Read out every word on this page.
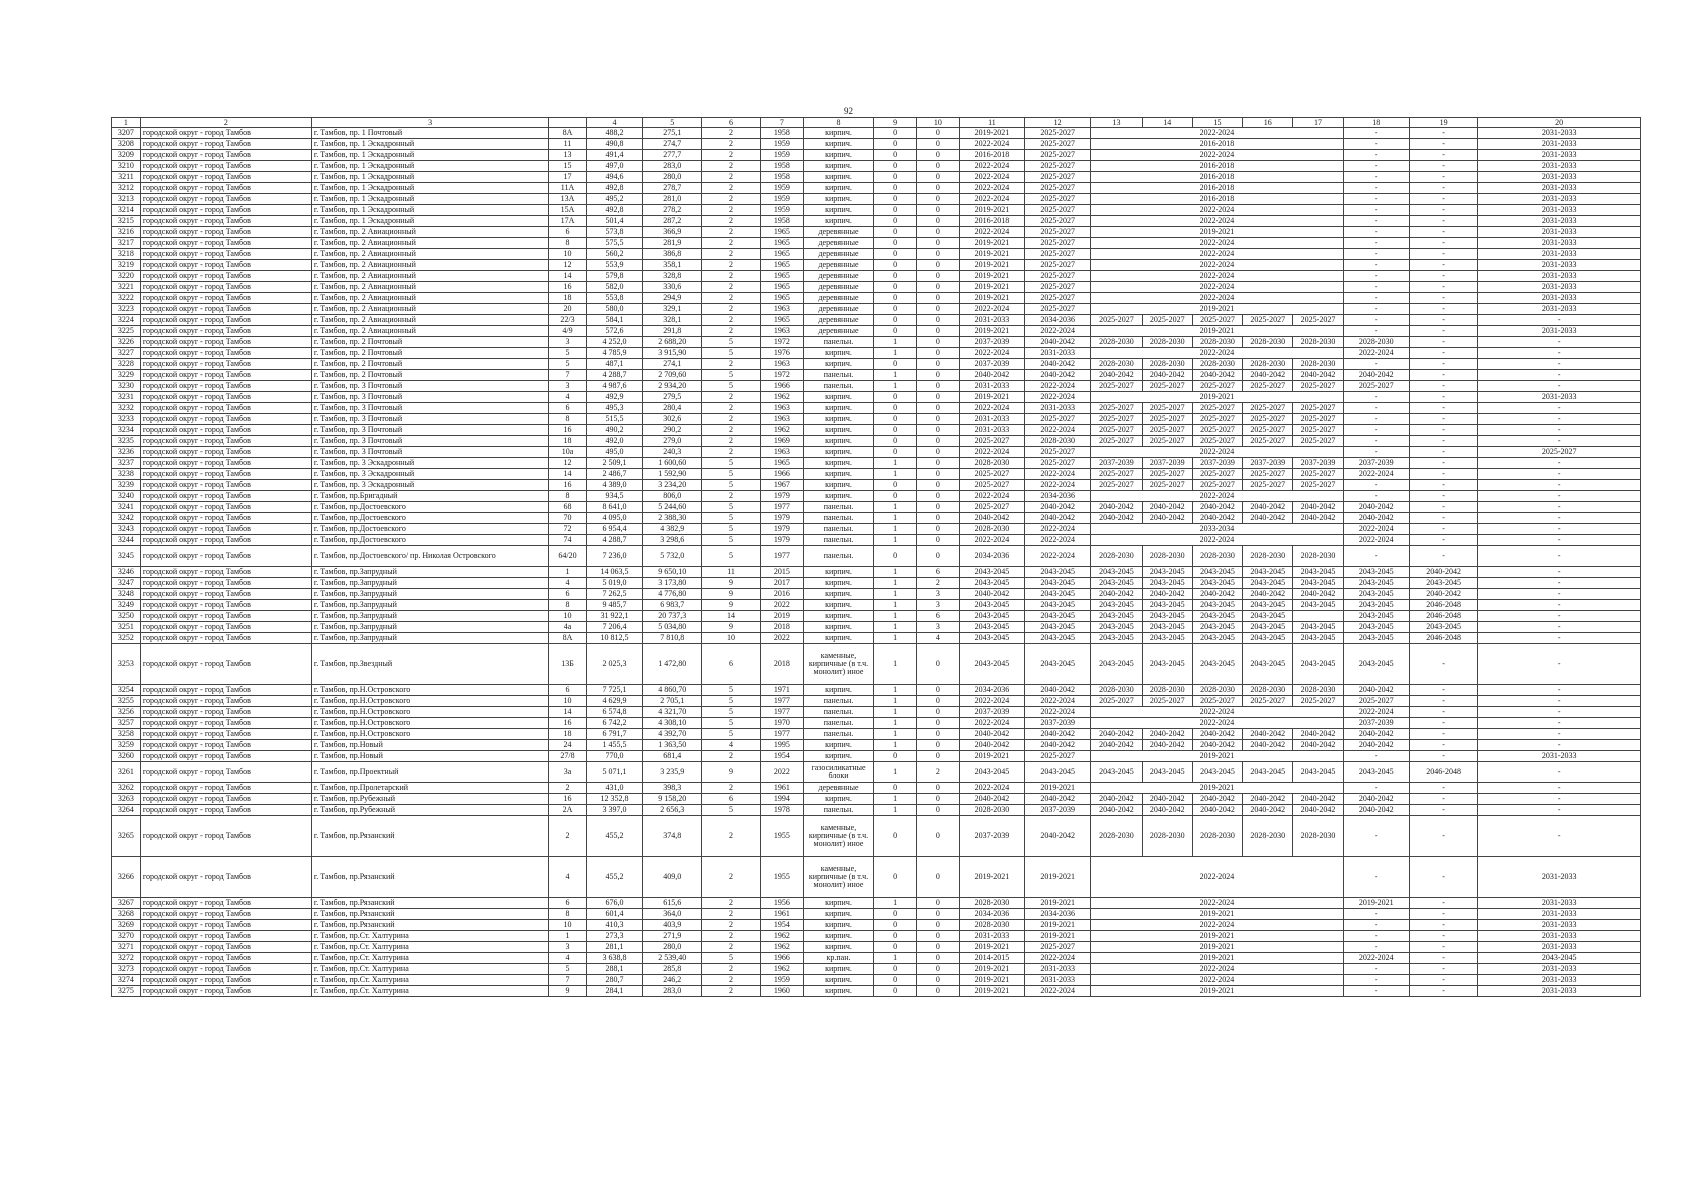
92
1	2	3		4	5	6	7	8	9	10	11	12	13	14	15	16	17	18	19	20
3207	городской округ - город Тамбов	г. Тамбов, пр. 1 Почтовый	8А	488,2	275,1	2	1958	кирпич.	0	0	2019-2021	2025-2027	2022-2024					-	-	2031-2033
3208	городской округ - город Тамбов	г. Тамбов, пр. 1 Эскадронный	11	490,8	274,7	2	1959	кирпич.	0	0	2022-2024	2025-2027	2016-2018					-	-	2031-2033
3209	городской округ - город Тамбов	г. Тамбов, пр. 1 Эскадронный	13	491,4	277,7	2	1959	кирпич.	0	0	2016-2018	2025-2027	2022-2024					-	-	2031-2033
3210	городской округ - город Тамбов	г. Тамбов, пр. 1 Эскадронный	15	497,0	283,0	2	1958	кирпич.	0	0	2022-2024	2025-2027	2016-2018					-	-	2031-2033
3211	городской округ - город Тамбов	г. Тамбов, пр. 1 Эскадронный	17	494,6	280,0	2	1958	кирпич.	0	0	2022-2024	2025-2027	2016-2018					-	-	2031-2033
3212	городской округ - город Тамбов	г. Тамбов, пр. 1 Эскадронный	11А	492,8	278,7	2	1959	кирпич.	0	0	2022-2024	2025-2027	2016-2018					-	-	2031-2033
3213	городской округ - город Тамбов	г. Тамбов, пр. 1 Эскадронный	13А	495,2	281,0	2	1959	кирпич.	0	0	2022-2024	2025-2027	2016-2018					-	-	2031-2033
3214	городской округ - город Тамбов	г. Тамбов, пр. 1 Эскадронный	15А	492,8	278,2	2	1959	кирпич.	0	0	2019-2021	2025-2027	2022-2024					-	-	2031-2033
3215	городской округ - город Тамбов	г. Тамбов, пр. 1 Эскадронный	17А	501,4	287,2	2	1958	кирпич.	0	0	2016-2018	2025-2027	2022-2024					-	-	2031-2033
3216	городской округ - город Тамбов	г. Тамбов, пр. 2 Авиационный	6	573,8	366,9	2	1965	деревянные	0	0	2022-2024	2025-2027	2019-2021					-	-	2031-2033
3217	городской округ - город Тамбов	г. Тамбов, пр. 2 Авиационный	8	575,5	281,9	2	1965	деревянные	0	0	2019-2021	2025-2027	2022-2024					-	-	2031-2033
3218	городской округ - город Тамбов	г. Тамбов, пр. 2 Авиационный	10	560,2	386,8	2	1965	деревянные	0	0	2019-2021	2025-2027	2022-2024					-	-	2031-2033
3219	городской округ - город Тамбов	г. Тамбов, пр. 2 Авиационный	12	553,9	358,1	2	1965	деревянные	0	0	2019-2021	2025-2027	2022-2024					-	-	2031-2033
3220	городской округ - город Тамбов	г. Тамбов, пр. 2 Авиационный	14	579,8	328,8	2	1965	деревянные	0	0	2019-2021	2025-2027	2022-2024					-	-	2031-2033
3221	городской округ - город Тамбов	г. Тамбов, пр. 2 Авиационный	16	582,0	330,6	2	1965	деревянные	0	0	2019-2021	2025-2027	2022-2024					-	-	2031-2033
3222	городской округ - город Тамбов	г. Тамбов, пр. 2 Авиационный	18	553,8	294,9	2	1965	деревянные	0	0	2019-2021	2025-2027	2022-2024					-	-	2031-2033
3223	городской округ - город Тамбов	г. Тамбов, пр. 2 Авиационный	20	580,0	329,1	2	1963	деревянные	0	0	2022-2024	2025-2027	2019-2021					-	-	2031-2033
3224	городской округ - город Тамбов	г. Тамбов, пр. 2 Авиационный	22/3	584,1	328,1	2	1965	деревянные	0	0	2031-2033	2034-2036	2025-2027	2025-2027	2025-2027	2025-2027	2025-2027	-	-	-
3225	городской округ - город Тамбов	г. Тамбов, пр. 2 Авиационный	4/9	572,6	291,8	2	1963	деревянные	0	0	2019-2021	2022-2024	2019-2021					-	-	2031-2033
3226	городской округ - город Тамбов	г. Тамбов, пр. 2 Почтовый	3	4 252,0	2 688,20	5	1972	панельн.	1	0	2037-2039	2040-2042	2028-2030	2028-2030	2028-2030	2028-2030	2028-2030	2028-2030	-	-
3227	городской округ - город Тамбов	г. Тамбов, пр. 2 Почтовый	5	4 785,9	3 915,90	5	1976	кирпич.	1	0	2022-2024	2031-2033	2022-2024					2022-2024	-	-
3228	городской округ - город Тамбов	г. Тамбов, пр. 2 Почтовый	5	487,1	274,1	2	1963	кирпич.	0	0	2037-2039	2040-2042	2028-2030	2028-2030	2028-2030	2028-2030	2028-2030	-	-	-
3229	городской округ - город Тамбов	г. Тамбов, пр. 2 Почтовый	7	4 288,7	2 709,60	5	1972	панельн.	1	0	2040-2042	2040-2042	2040-2042	2040-2042	2040-2042	2040-2042	2040-2042	2040-2042	-	-
3230	городской округ - город Тамбов	г. Тамбов, пр. 3 Почтовый	3	4 987,6	2 934,20	5	1966	панельн.	1	0	2031-2033	2022-2024	2025-2027	2025-2027	2025-2027	2025-2027	2025-2027	2025-2027	-	-
3231	городской округ - город Тамбов	г. Тамбов, пр. 3 Почтовый	4	492,9	279,5	2	1962	кирпич.	0	0	2019-2021	2022-2024	2019-2021					-	-	2031-2033
3232	городской округ - город Тамбов	г. Тамбов, пр. 3 Почтовый	6	495,3	280,4	2	1963	кирпич.	0	0	2022-2024	2031-2033	2025-2027	2025-2027	2025-2027	2025-2027	2025-2027	-	-	-
3233	городской округ - город Тамбов	г. Тамбов, пр. 3 Почтовый	8	515,5	302,6	2	1963	кирпич.	0	0	2031-2033	2025-2027	2025-2027	2025-2027	2025-2027	2025-2027	2025-2027	-	-	-
3234	городской округ - город Тамбов	г. Тамбов, пр. 3 Почтовый	16	490,2	290,2	2	1962	кирпич.	0	0	2031-2033	2022-2024	2025-2027	2025-2027	2025-2027	2025-2027	2025-2027	-	-	-
3235	городской округ - город Тамбов	г. Тамбов, пр. 3 Почтовый	18	492,0	279,0	2	1969	кирпич.	0	0	2025-2027	2028-2030	2025-2027	2025-2027	2025-2027	2025-2027	2025-2027	-	-	-
3236	городской округ - город Тамбов	г. Тамбов, пр. 3 Почтовый	10а	495,0	240,3	2	1963	кирпич.	0	0	2022-2024	2025-2027	2022-2024					-	-	2025-2027
3237	городской округ - город Тамбов	г. Тамбов, пр. 3 Эскадронный	12	2 509,1	1 600,60	5	1965	кирпич.	1	0	2028-2030	2025-2027	2037-2039	2037-2039	2037-2039	2037-2039	2037-2039	2037-2039	-	-
3238	городской округ - город Тамбов	г. Тамбов, пр. 3 Эскадронный	14	2 486,7	1 592,90	5	1966	кирпич.	1	0	2025-2027	2022-2024	2025-2027	2025-2027	2025-2027	2025-2027	2025-2027	2022-2024	-	-
3239	городской округ - город Тамбов	г. Тамбов, пр. 3 Эскадронный	16	4 389,0	3 234,20	5	1967	кирпич.	0	0	2025-2027	2022-2024	2025-2027	2025-2027	2025-2027	2025-2027	2025-2027	-	-	-
3240	городской округ - город Тамбов	г. Тамбов, пр.Бригадный	8	934,5	806,0	2	1979	кирпич.	0	0	2022-2024	2034-2036	2022-2024					-	-	-
3241	городской округ - город Тамбов	г. Тамбов, пр.Достоевского	68	8 641,0	5 244,60	5	1977	панельн.	1	0	2025-2027	2040-2042	2040-2042	2040-2042	2040-2042	2040-2042	2040-2042	2040-2042	-	-
3242	городской округ - город Тамбов	г. Тамбов, пр.Достоевского	70	4 095,0	2 388,30	5	1979	панельн.	1	0	2040-2042	2040-2042	2040-2042	2040-2042	2040-2042	2040-2042	2040-2042	2040-2042	-	-
3243	городской округ - город Тамбов	г. Тамбов, пр.Достоевского	72	6 954,4	4 382,9	5	1979	панельн.	1	0	2028-2030	2022-2024	2033-2034					2022-2024	-	-
3244	городской округ - город Тамбов	г. Тамбов, пр.Достоевского	74	4 288,7	3 298,6	5	1979	панельн.	1	0	2022-2024	2022-2024	2022-2024					2022-2024	-	-
3245	городской округ - город Тамбов	г. Тамбов, пр.Достоевского/ пр. Николая Островского	64/20	7 236,0	5 732,0	5	1977	панельн.	0	0	2034-2036	2022-2024	2028-2030	2028-2030	2028-2030	2028-2030	2028-2030	-	-	-
3246	городской округ - город Тамбов	г. Тамбов, пр.Запрудный	1	14 063,5	9 650,10	11	2015	кирпич.	1	6	2043-2045	2043-2045	2043-2045	2043-2045	2043-2045	2043-2045	2043-2045	2043-2045	2040-2042	-
3247	городской округ - город Тамбов	г. Тамбов, пр.Запрудный	4	5 019,0	3 173,80	9	2017	кирпич.	1	2	2043-2045	2043-2045	2043-2045	2043-2045	2043-2045	2043-2045	2043-2045	2043-2045	2043-2045	-
3248	городской округ - город Тамбов	г. Тамбов, пр.Запрудный	6	7 262,5	4 776,80	9	2016	кирпич.	1	3	2040-2042	2043-2045	2040-2042	2040-2042	2040-2042	2040-2042	2040-2042	2043-2045	2040-2042	-
3249	городской округ - город Тамбов	г. Тамбов, пр.Запрудный	8	9 485,7	6 983,7	9	2022	кирпич.	1	3	2043-2045	2043-2045	2043-2045	2043-2045	2043-2045	2043-2045	2043-2045	2043-2045	2046-2048	-
3250	городской округ - город Тамбов	г. Тамбов, пр.Запрудный	10	31 922,1	20 737,3	14	2019	кирпич.	1	6	2043-2045	2043-2045	2043-2045	2043-2045	2043-2045	2043-2045		2043-2045	2046-2048	-
3251	городской округ - город Тамбов	г. Тамбов, пр.Запрудный	4а	7 206,4	5 034,80	9	2018	кирпич.	1	3	2043-2045	2043-2045	2043-2045	2043-2045	2043-2045	2043-2045	2043-2045	2043-2045	2043-2045	-
3252	городской округ - город Тамбов	г. Тамбов, пр.Запрудный	8А	10 812,5	7 810,8	10	2022	кирпич.	1	4	2043-2045	2043-2045	2043-2045	2043-2045	2043-2045	2043-2045	2043-2045	2043-2045	2046-2048	-
3253	городской округ - город Тамбов	г. Тамбов, пр.Звездный	13Б	2 025,3	1 472,80	6	2018	каменные, кирпичные (в т.ч. монолит) иное	1	0	2043-2045	2043-2045	2043-2045	2043-2045	2043-2045	2043-2045	2043-2045	2043-2045	-	-
3254	городской округ - город Тамбов	г. Тамбов, пр.Н.Островского	6	7 725,1	4 860,70	5	1971	кирпич.	1	0	2034-2036	2040-2042	2028-2030	2028-2030	2028-2030	2028-2030	2028-2030	2040-2042	-	-
3255	городской округ - город Тамбов	г. Тамбов, пр.Н.Островского	10	4 629,9	2 705,1	5	1977	панельн.	1	0	2022-2024	2022-2024	2025-2027	2025-2027	2025-2027	2025-2027	2025-2027	2025-2027	-	-
3256	городской округ - город Тамбов	г. Тамбов, пр.Н.Островского	14	6 574,8	4 321,70	5	1977	панельн.	1	0	2037-2039	2022-2024	2022-2024					2022-2024	-	-
3257	городской округ - город Тамбов	г. Тамбов, пр.Н.Островского	16	6 742,2	4 308,10	5	1970	панельн.	1	0	2022-2024	2037-2039	2022-2024					2037-2039	-	-
3258	городской округ - город Тамбов	г. Тамбов, пр.Н.Островского	18	6 791,7	4 392,70	5	1977	панельн.	1	0	2040-2042	2040-2042	2040-2042	2040-2042	2040-2042	2040-2042	2040-2042	2040-2042	-	-
3259	городской округ - город Тамбов	г. Тамбов, пр.Новый	24	1 455,5	1 363,50	4	1995	кирпич.	1	0	2040-2042	2040-2042	2040-2042	2040-2042	2040-2042	2040-2042	2040-2042	2040-2042	-	-
3260	городской округ - город Тамбов	г. Тамбов, пр.Новый	27/8	770,0	681,4	2	1954	кирпич.	0	0	2019-2021	2025-2027	2019-2021					-	-	2031-2033
3261	городской округ - город Тамбов	г. Тамбов, пр.Проектный	3а	5 071,1	3 235,9	9	2022	газосиликатные блоки	1	2	2043-2045	2043-2045	2043-2045	2043-2045	2043-2045	2043-2045	2043-2045	2043-2045	2046-2048	-
3262	городской округ - город Тамбов	г. Тамбов, пр.Пролетарский	2	431,0	398,3	2	1961	деревянные	0	0	2022-2024	2019-2021	2019-2021					-	-	-
3263	городской округ - город Тамбов	г. Тамбов, пр.Рубежный	16	12 352,8	9 158,20	6	1994	кирпич.	1	0	2040-2042	2040-2042	2040-2042	2040-2042	2040-2042	2040-2042	2040-2042	2040-2042	-	-
3264	городской округ - город Тамбов	г. Тамбов, пр.Рубежный	2А	3 397,0	2 656,3	5	1978	панельн.	1	0	2028-2030	2037-2039	2040-2042	2040-2042	2040-2042	2040-2042	2040-2042	2040-2042	-	-
3265	городской округ - город Тамбов	г. Тамбов, пр.Рязанский	2	455,2	374,8	2	1955	каменные, кирпичные (в т.ч. монолит) иное	0	0	2037-2039	2040-2042	2028-2030	2028-2030	2028-2030	2028-2030	2028-2030	-	-	-
3266	городской округ - город Тамбов	г. Тамбов, пр.Рязанский	4	455,2	409,0	2	1955	каменные, кирпичные (в т.ч. монолит) иное	0	0	2019-2021	2019-2021	2022-2024					-	-	2031-2033
3267	городской округ - город Тамбов	г. Тамбов, пр.Рязанский	6	676,0	615,6	2	1956	кирпич.	1	0	2028-2030	2019-2021	2022-2024					2019-2021	-	2031-2033
3268	городской округ - город Тамбов	г. Тамбов, пр.Рязанский	8	601,4	364,0	2	1961	кирпич.	0	0	2034-2036	2034-2036	2019-2021					-	-	2031-2033
3269	городской округ - город Тамбов	г. Тамбов, пр.Рязанский	10	410,3	403,9	2	1954	кирпич.	0	0	2028-2030	2019-2021	2022-2024					-	-	2031-2033
3270	городской округ - город Тамбов	г. Тамбов, пр.Ст. Халтурина	1	273,3	271,9	2	1962	кирпич.	0	0	2031-2033	2019-2021	2019-2021					-	-	2031-2033
3271	городской округ - город Тамбов	г. Тамбов, пр.Ст. Халтурина	3	281,1	280,0	2	1962	кирпич.	0	0	2019-2021	2025-2027	2019-2021					-	-	2031-2033
3272	городской округ - город Тамбов	г. Тамбов, пр.Ст. Халтурина	4	3 638,8	2 539,40	5	1966	кр.пан.	1	0	2014-2015	2022-2024	2019-2021					2022-2024	-	2043-2045
3273	городской округ - город Тамбов	г. Тамбов, пр.Ст. Халтурина	5	288,1	285,8	2	1962	кирпич.	0	0	2019-2021	2031-2033	2022-2024					-	-	2031-2033
3274	городской округ - город Тамбов	г. Тамбов, пр.Ст. Халтурина	7	280,7	246,2	2	1959	кирпич.	0	0	2019-2021	2031-2033	2022-2024					-	-	2031-2033
3275	городской округ - город Тамбов	г. Тамбов, пр.Ст. Халтурина	9	284,1	283,0	2	1960	кирпич.	0	0	2019-2021	2022-2024	2019-2021					-	-	2031-2033
